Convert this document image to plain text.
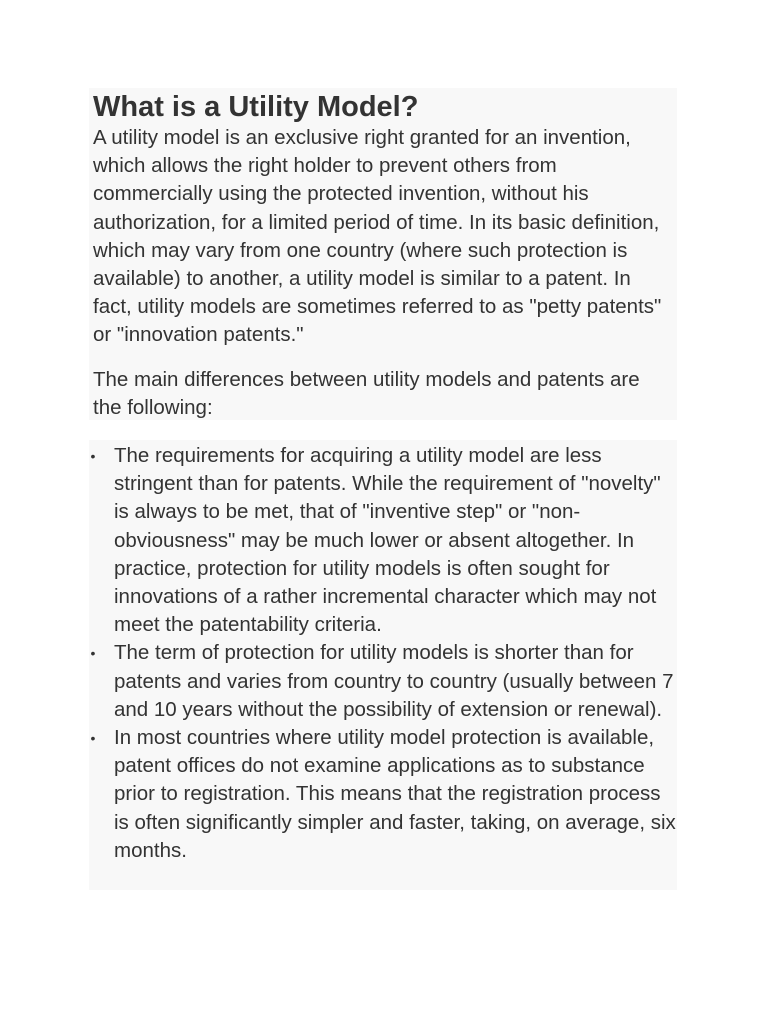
What is a Utility Model?

A utility model is an exclusive right granted for an invention, which allows the right holder to prevent others from commercially using the protected invention, without his authorization, for a limited period of time. In its basic definition, which may vary from one country (where such protection is available) to another, a utility model is similar to a patent. In fact, utility models are sometimes referred to as "petty patents" or "innovation patents."

The main differences between utility models and patents are the following:

• The requirements for acquiring a utility model are less stringent than for patents. While the requirement of "novelty" is always to be met, that of "inventive step" or "non-obviousness" may be much lower or absent altogether. In practice, protection for utility models is often sought for innovations of a rather incremental character which may not meet the patentability criteria.
• The term of protection for utility models is shorter than for patents and varies from country to country (usually between 7 and 10 years without the possibility of extension or renewal).
• In most countries where utility model protection is available, patent offices do not examine applications as to substance prior to registration. This means that the registration process is often significantly simpler and faster, taking, on average, six months.
